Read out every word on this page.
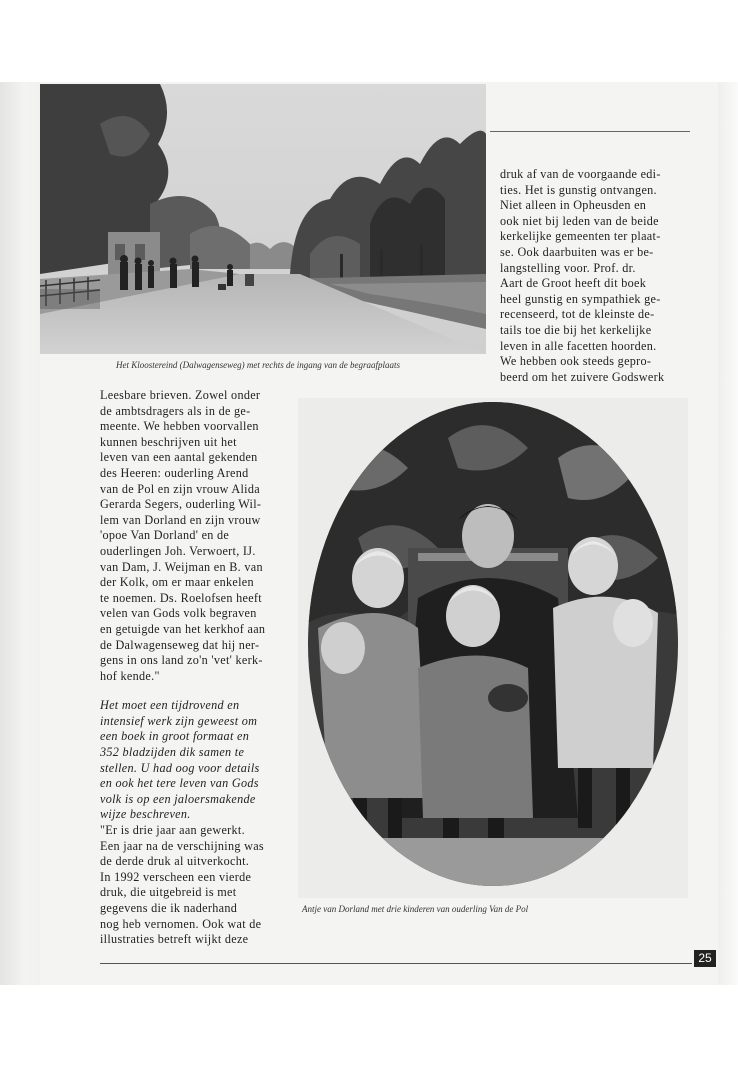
Het Kloostereind (Dalwagenseweg) met rechts de ingang van de begraafplaats

druk af van de voorgaande edi-

ties. Het is gunstig ontvangen.

Niet alleen in Opheusden en

ook niet bij leden van de beide

kerkelijke gemeenten ter plaat-

se. Ook daarbuiten was er be-

langstelling voor. Prof. dr.

Aart de Groot heeft dit boek

heel gunstig en sympathiek ge-

recenseerd, tot de kleinste de-

tails toe die bij het kerkelijke

leven in alle facetten hoorden.

We hebben ook steeds gepro-

beerd om het zuivere Godswerk

Leesbare brieven. Zowel onder

de ambtsdragers als in de ge-

meente. We hebben voorvallen

kunnen beschrijven uit het

leven van een aantal gekenden

des Heeren: ouderling Arend

van de Pol en zijn vrouw Alida

Gerarda Segers, ouderling Wil-

lem van Dorland en zijn vrouw

'opoe Van Dorland' en de

ouderlingen Joh. Verwoert, IJ.

van Dam, J. Weijman en B. van

der Kolk, om er maar enkelen

te noemen. Ds. Roelofsen heeft

velen van Gods volk begraven

en getuigde van het kerkhof aan

de Dalwagenseweg dat hij ner-

gens in ons land zo'n 'vet' kerk-

hof kende."

Het moet een tijdrovend en

intensief werk zijn geweest om

een boek in groot formaat en

352 bladzijden dik samen te

stellen. U had oog voor details

en ook het tere leven van Gods

volk is op een jaloersmakende

wijze beschreven.

"Er is drie jaar aan gewerkt.

Een jaar na de verschijning was

de derde druk al uitverkocht.

In 1992 verscheen een vierde

druk, die uitgebreid is met

gegevens die ik naderhand

nog heb vernomen. Ook wat de

illustraties betreft wijkt deze

Antje van Dorland met drie kinderen van ouderling Van de Pol
25
